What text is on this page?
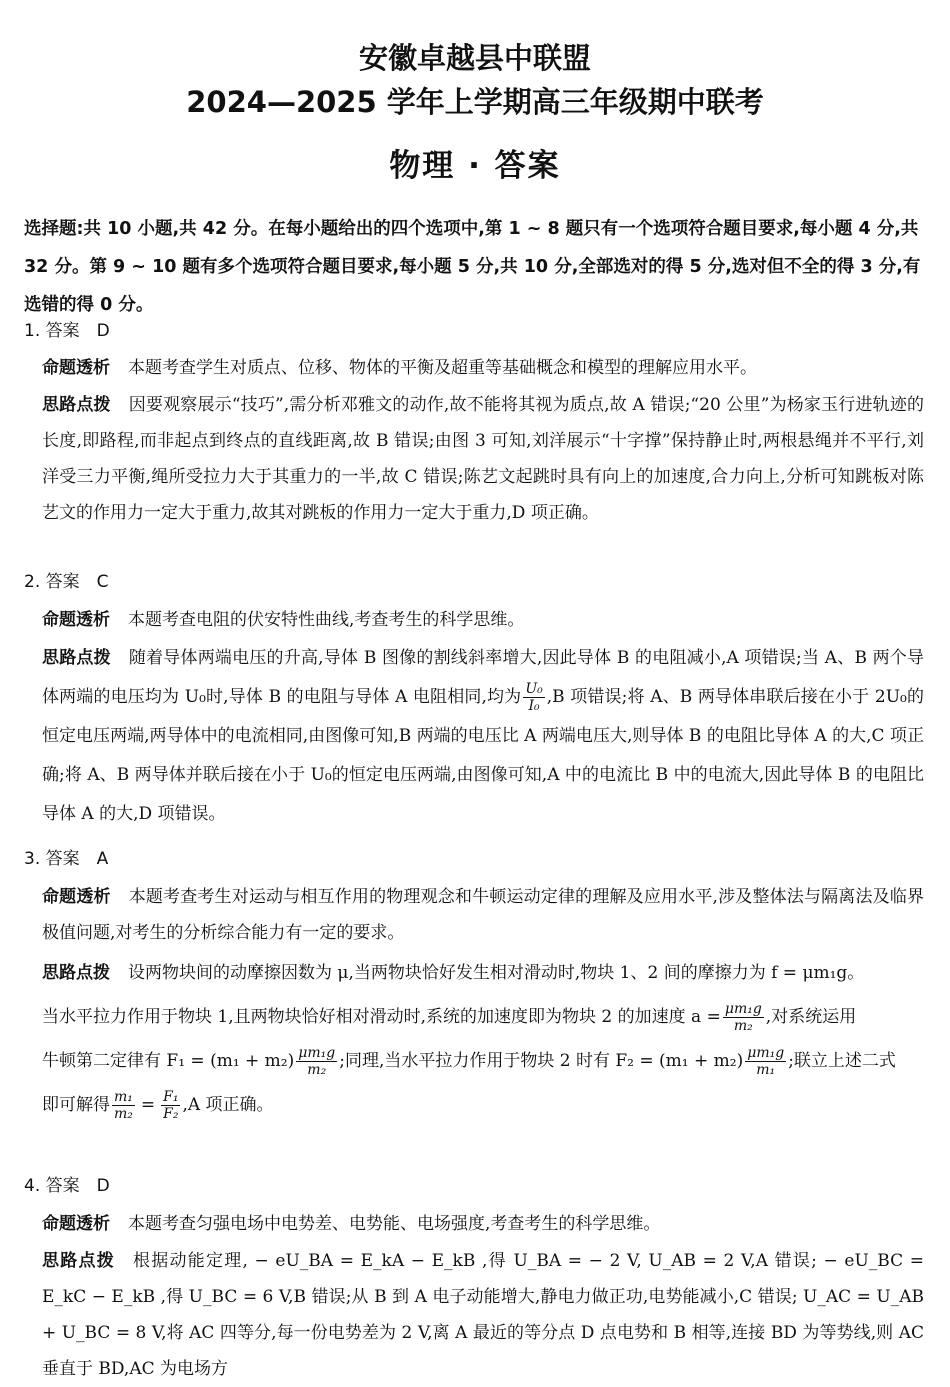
安徽卓越县中联盟
2024—2025 学年上学期高三年级期中联考
物理 · 答案
选择题:共 10 小题,共 42 分。在每小题给出的四个选项中,第 1 ~ 8 题只有一个选项符合题目要求,每小题 4 分,共 32 分。第 9 ~ 10 题有多个选项符合题目要求,每小题 5 分,共 10 分,全部选对的得 5 分,选对但不全的得 3 分,有选错的得 0 分。
1. 答案　D
命题透析 本题考查学生对质点、位移、物体的平衡及超重等基础概念和模型的理解应用水平。
思路点拨 因要观察展示“技巧”,需分析邓雅文的动作,故不能将其视为质点,故 A 错误;“20 公里”为杨家玉行进轨迹的长度,即路程,而非起点到终点的直线距离,故 B 错误;由图 3 可知,刘洋展示“十字撑”保持静止时,两根悬绳并不平行,刘洋受三力平衡,绳所受拉力大于其重力的一半,故 C 错误;陈艺文起跳时具有向上的加速度,合力向上,分析可知跳板对陈艺文的作用力一定大于重力,故其对跳板的作用力一定大于重力,D 项正确。
2. 答案　C
命题透析 本题考查电阻的伏安特性曲线,考查考生的科学思维。
思路点拨 随着导体两端电压的升高,导体 B 图像的割线斜率增大,因此导体 B 的电阻减小,A 项错误;当 A、B 两个导体两端的电压均为 U₀时,导体 B 的电阻与导体 A 电阻相同,均为 $\frac{\text{U₀}}{\text{I₀}} ,B$ 项错误;将 A、B 两导体串联后接在小于 2U₀的恒定电压两端,两导体中的电流相同,由图像可知,B 两端的电压比 A 两端电压大,则导体 B 的电阻比导体 A 的大,C 项正确;将 A、B 两导体并联后接在小于 U₀的恒定电压两端,由图像可知,A 中的电流比 B 中的电流大,因此导体 B 的电阻比导体 A 的大,D 项错误。
3. 答案　A
命题透析 本题考查考生对运动与相互作用的物理观念和牛顿运动定律的理解及应用水平,涉及整体法与隔离法及临界极值问题,对考生的分析综合能力有一定的要求。
思路点拨 设两物块间的动摩擦因数为 μ,当两物块恰好发生相对滑动时,物块 1、2 间的摩擦力为 f = μm₁g。
当水平拉力作用于物块 1,且两物块恰好相对滑动时,系统的加速度即为物块 2 的加速度 $a = \frac{\text{μm₁g}}{\text{m₂}}$ ,对系统运用
牛顿第二定律有 $F_1 = (m_1 + m_2) \frac{\text{μm₁g}}{\text{m₂}}$ ;同理,当水平拉力作用于物块 2 时有 $F_2 = (m_1 + m_2) \frac{\text{μm₁g}}{\text{m₁}}$ ;联立上述二式
即可解得 $\frac{\text{m₁}}{\text{m₂}} = \frac{\text{F₁}}{\text{F₂}} ,A$ 项正确。
4. 答案　D
命题透析 本题考查匀强电场中电势差、电势能、电场强度,考查考生的科学思维。
思路点拨 根据动能定理, − eU_BA = E_kA − E_kB ,得 U_BA = − 2 V, U_AB = 2 V,A 错误; − eU_BC = E_kC − E_kB ,得 U_BC = 6 V,B 错误;从 B 到 A 电子动能增大,静电力做正功,电势能减小,C 错误; U_AC = U_AB + U_BC = 8 V,将 AC 四等分,每一份电势差为 2 V,离 A 最近的等分点 D 点电势和 B 相等,连接 BD 为等势线,则 AC 垂直于 BD,AC 为电场方
